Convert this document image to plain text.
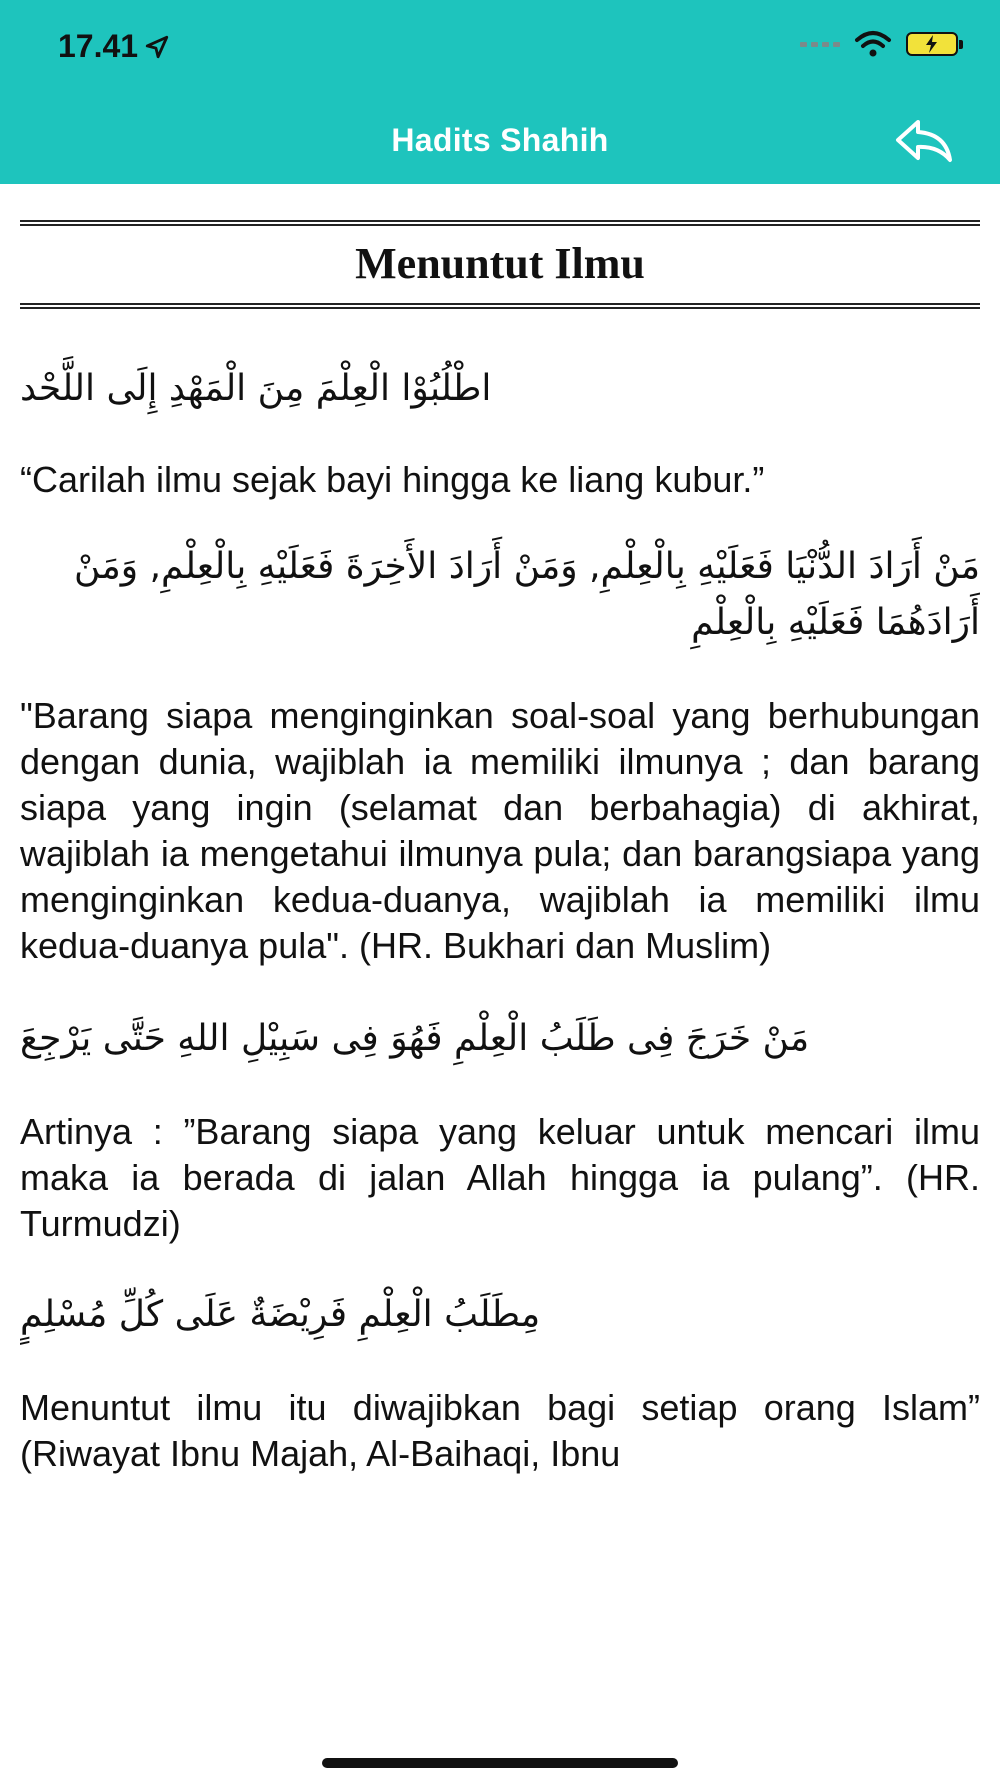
17.41
Hadits Shahih
Menuntut Ilmu
اطْلُبُوْا الْعِلْمَ مِنَ الْمَهْدِ إِلَى اللَّحْد
“Carilah ilmu sejak bayi hingga ke liang kubur.”
مَنْ أَرَادَ الدُّنْيَا فَعَلَيْهِ بِالْعِلْمِ, وَمَنْ أَرَادَ الأَخِرَةَ فَعَلَيْهِ بِالْعِلْمِ, وَمَنْ أَرَادَهُمَا فَعَلَيْهِ بِالْعِلْمِ
"Barang siapa menginginkan soal-soal yang berhubungan dengan dunia, wajiblah ia memiliki ilmunya ; dan barang siapa yang ingin (selamat dan berbahagia) di akhirat, wajiblah ia mengetahui ilmunya pula; dan barangsiapa yang menginginkan kedua-duanya, wajiblah ia memiliki ilmu kedua-duanya pula". (HR. Bukhari dan Muslim)
مَنْ خَرَجَ فِى طَلَبُ الْعِلْمِ فَهُوَ فِى سَبِيْلِ اللهِ حَتَّى يَرْجِعَ
Artinya : ”Barang siapa yang keluar untuk mencari ilmu maka ia berada di jalan Allah hingga ia pulang”. (HR. Turmudzi)
مِطَلَبُ الْعِلْمِ فَرِيْضَةٌ عَلَى كُلِّ مُسْلِمٍ
Menuntut ilmu itu diwajibkan bagi setiap orang Islam” (Riwayat Ibnu Majah, Al-Baihaqi, Ibnu
